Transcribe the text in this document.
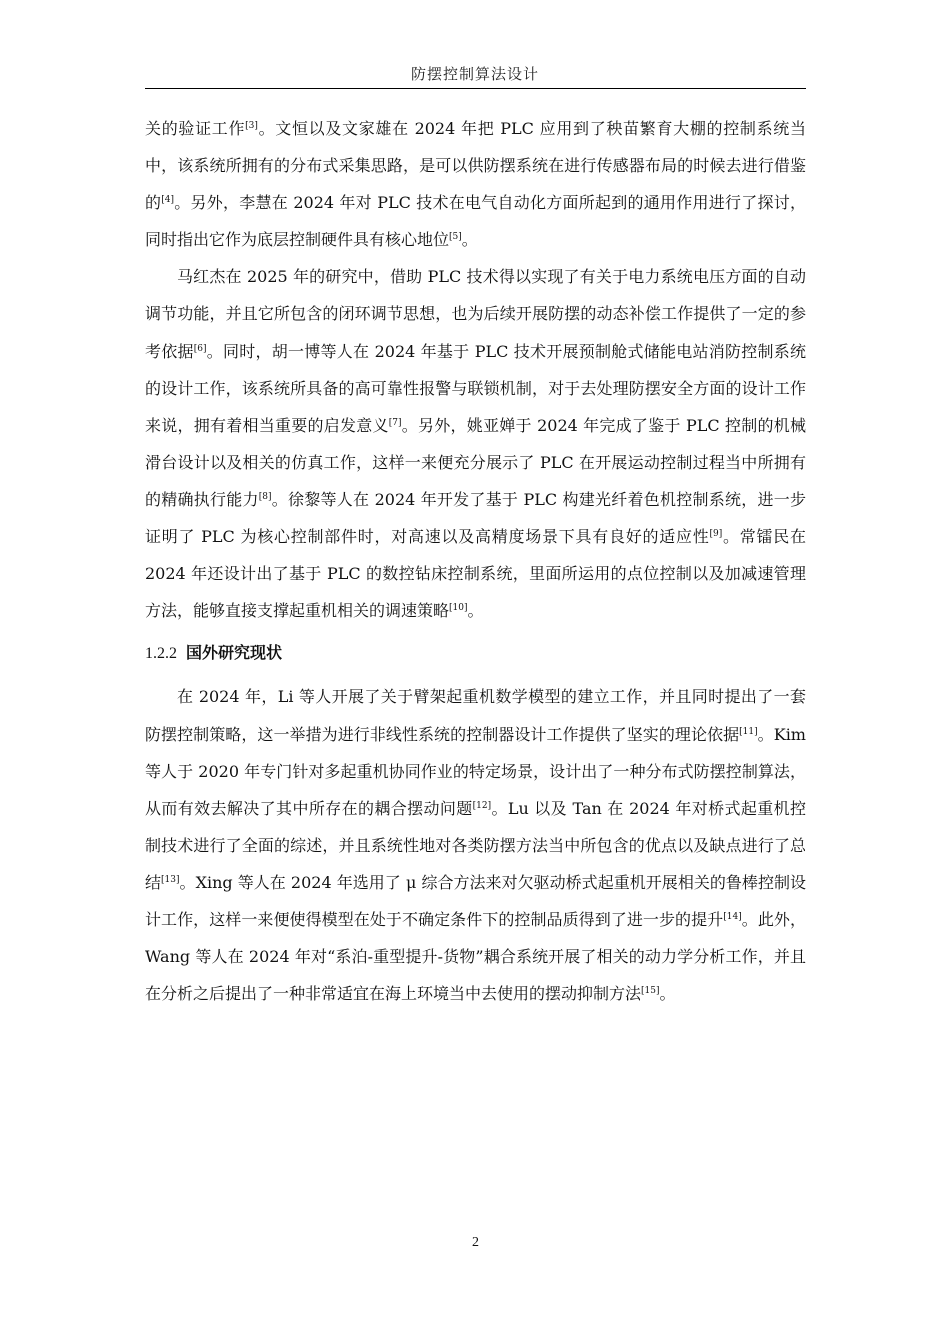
防摆控制算法设计

关的验证工作[3]。文恒以及文家雄在 2024 年把 PLC 应用到了秧苗繁育大棚的控制系统当中，该系统所拥有的分布式采集思路，是可以供防摆系统在进行传感器布局的时候去进行借鉴的[4]。另外，李慧在 2024 年对 PLC 技术在电气自动化方面所起到的通用作用进行了探讨，同时指出它作为底层控制硬件具有核心地位[5]。

马红杰在 2025 年的研究中，借助 PLC 技术得以实现了有关于电力系统电压方面的自动调节功能，并且它所包含的闭环调节思想，也为后续开展防摆的动态补偿工作提供了一定的参考依据[6]。同时，胡一博等人在 2024 年基于 PLC 技术开展预制舱式储能电站消防控制系统的设计工作，该系统所具备的高可靠性报警与联锁机制，对于去处理防摆安全方面的设计工作来说，拥有着相当重要的启发意义[7]。另外，姚亚婵于 2024 年完成了鉴于 PLC 控制的机械滑台设计以及相关的仿真工作，这样一来便充分展示了 PLC 在开展运动控制过程当中所拥有的精确执行能力[8]。徐黎等人在 2024 年开发了基于 PLC 构建光纤着色机控制系统，进一步证明了 PLC 为核心控制部件时，对高速以及高精度场景下具有良好的适应性[9]。常镭民在 2024 年还设计出了基于 PLC 的数控钻床控制系统，里面所运用的点位控制以及加减速管理方法，能够直接支撑起重机相关的调速策略[10]。

1.2.2 国外研究现状

在 2024 年，Li 等人开展了关于臂架起重机数学模型的建立工作，并且同时提出了一套防摆控制策略，这一举措为进行非线性系统的控制器设计工作提供了坚实的理论依据[11]。Kim 等人于 2020 年专门针对多起重机协同作业的特定场景，设计出了一种分布式防摆控制算法，从而有效去解决了其中所存在的耦合摆动问题[12]。Lu 以及 Tan 在 2024 年对桥式起重机控制技术进行了全面的综述，并且系统性地对各类防摆方法当中所包含的优点以及缺点进行了总结[13]。Xing 等人在 2024 年选用了 μ 综合方法来对欠驱动桥式起重机开展相关的鲁棒控制设计工作，这样一来便使得模型在处于不确定条件下的控制品质得到了进一步的提升[14]。此外，Wang 等人在 2024 年对“系泊-重型提升-货物”耦合系统开展了相关的动力学分析工作，并且在分析之后提出了一种非常适宜在海上环境当中去使用的摆动抑制方法[15]。

2
